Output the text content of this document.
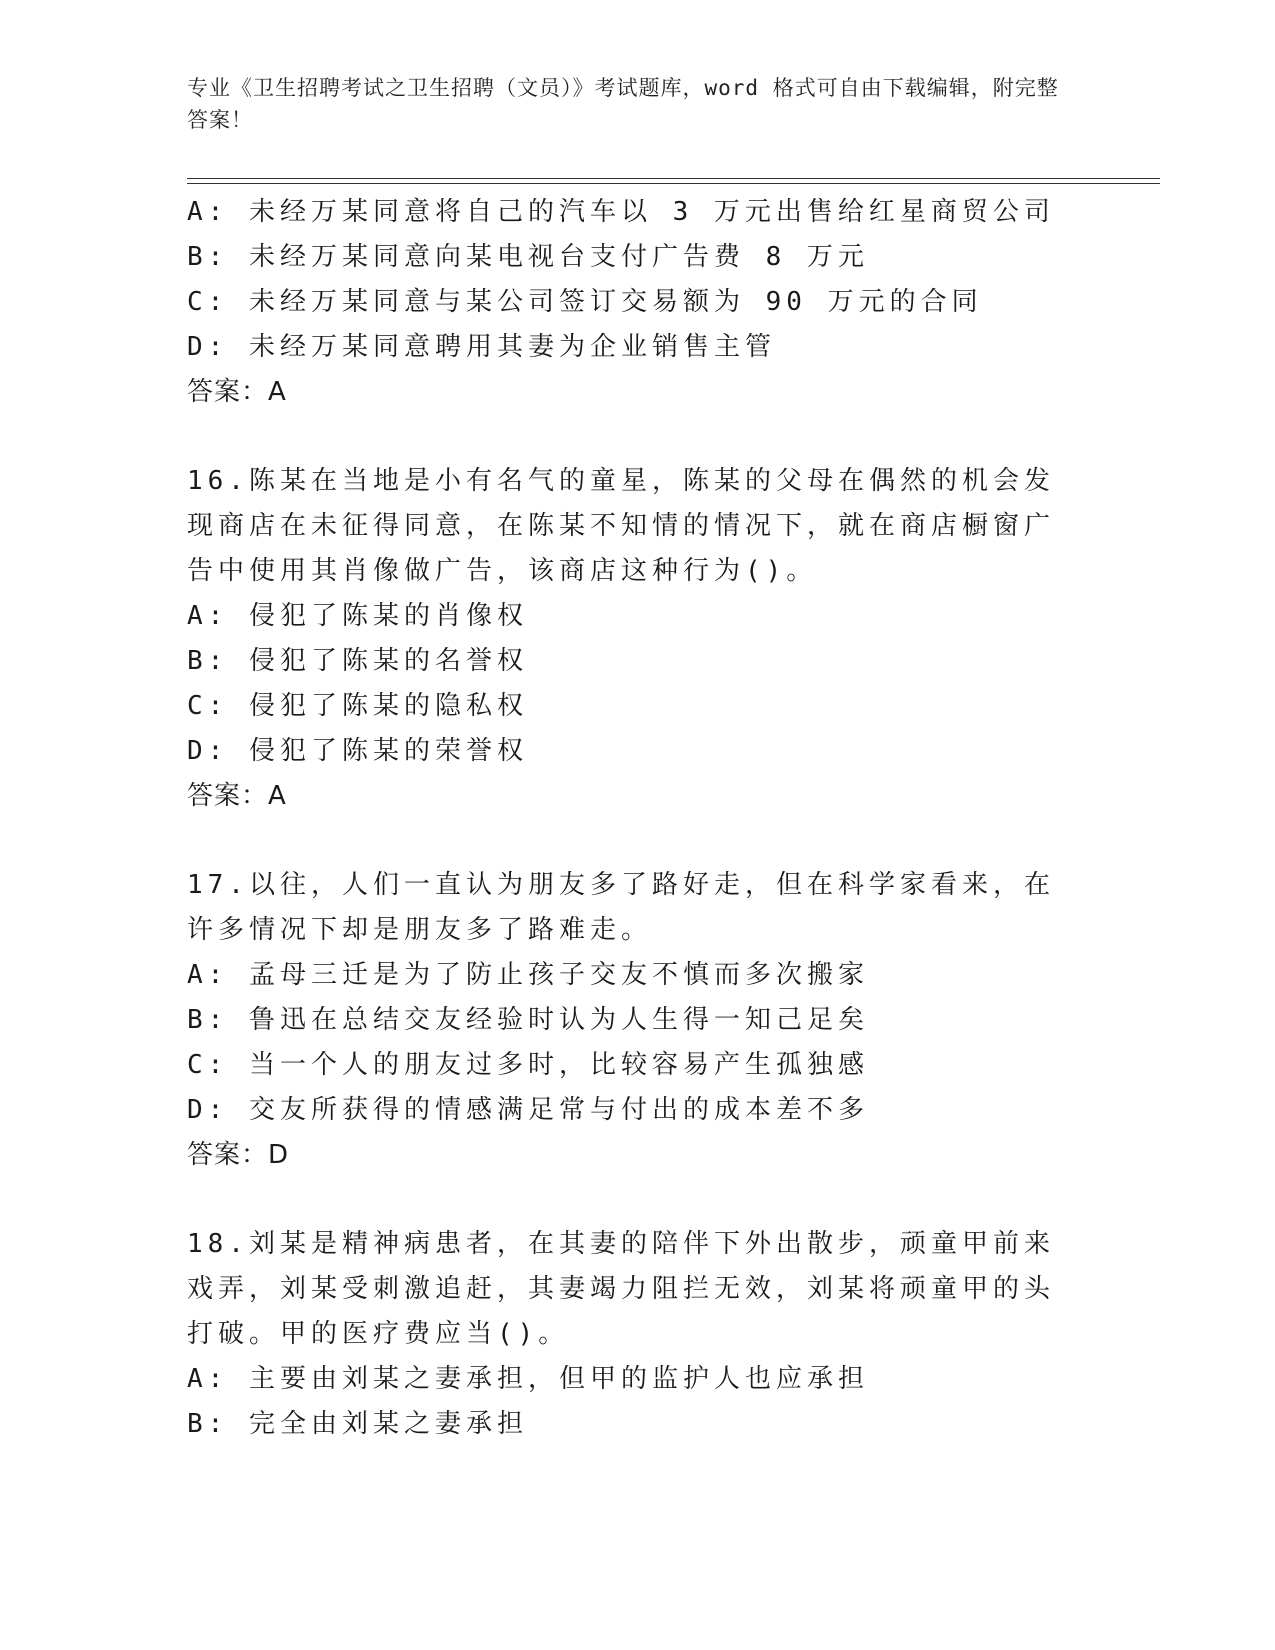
专业《卫生招聘考试之卫生招聘（文员）》考试题库，word 格式可自由下载编辑，附完整答案！
A: 未经万某同意将自己的汽车以 3 万元出售给红星商贸公司
B: 未经万某同意向某电视台支付广告费 8 万元
C: 未经万某同意与某公司签订交易额为 90 万元的合同
D: 未经万某同意聘用其妻为企业销售主管
答案：A
16.陈某在当地是小有名气的童星，陈某的父母在偶然的机会发现商店在未征得同意，在陈某不知情的情况下，就在商店橱窗广告中使用其肖像做广告，该商店这种行为()。
A: 侵犯了陈某的肖像权
B: 侵犯了陈某的名誉权
C: 侵犯了陈某的隐私权
D: 侵犯了陈某的荣誉权
答案：A
17.以往，人们一直认为朋友多了路好走，但在科学家看来，在许多情况下却是朋友多了路难走。
A: 孟母三迁是为了防止孩子交友不慎而多次搬家
B: 鲁迅在总结交友经验时认为人生得一知己足矣
C: 当一个人的朋友过多时，比较容易产生孤独感
D: 交友所获得的情感满足常与付出的成本差不多
答案：D
18.刘某是精神病患者，在其妻的陪伴下外出散步，顽童甲前来戏弄，刘某受刺激追赶，其妻竭力阻拦无效，刘某将顽童甲的头打破。甲的医疗费应当()。
A: 主要由刘某之妻承担，但甲的监护人也应承担
B: 完全由刘某之妻承担
